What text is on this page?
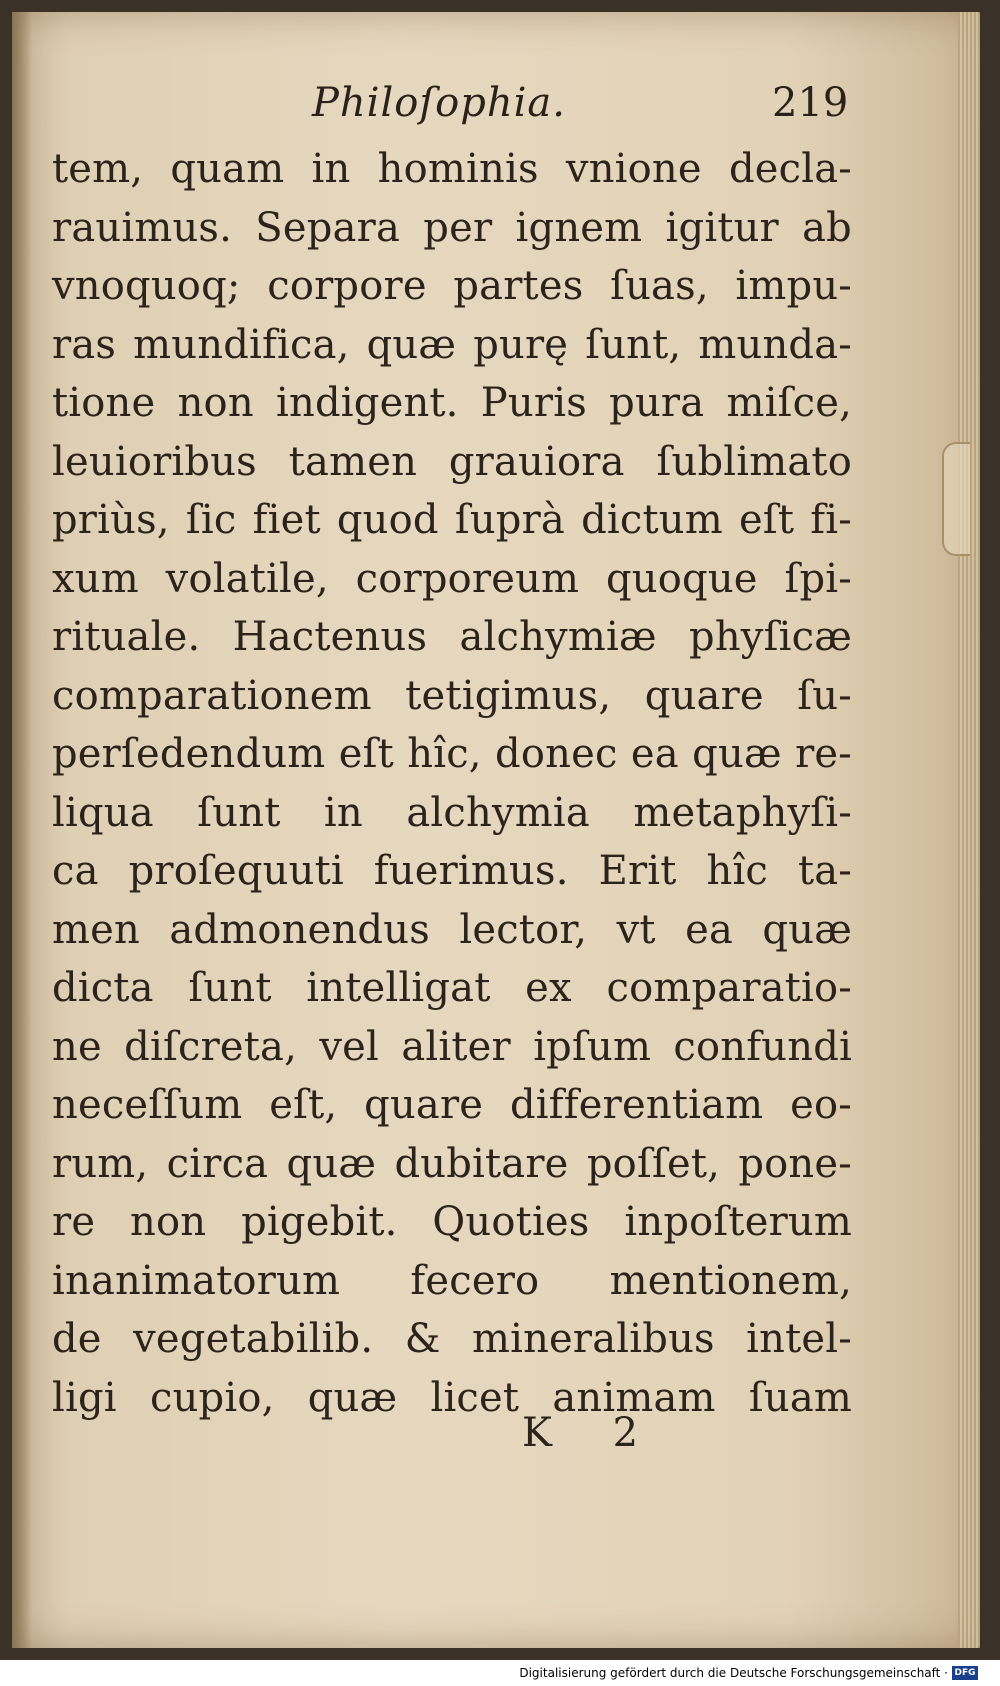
Philoſophia.	219
tem, quam in hominis vnione decla-
rauimus. Separa per ignem igitur ab
vnoquoq; corpore partes ſuas, impu-
ras mundifica, quæ purę ſunt, munda-
tione non indigent. Puris pura miſce,
leuioribus tamen grauiora ſublimato
priùs, ſic fiet quod ſuprà dictum eſt fi-
xum volatile, corporeum quoque ſpi-
rituale. Hactenus alchymiæ phyſicæ
comparationem tetigimus, quare ſu-
perſedendum eſt hîc, donec ea quæ re-
liqua ſunt in alchymia metaphyſi-
ca proſequuti fuerimus. Erit hîc ta-
men admonendus lector, vt ea quæ
dicta ſunt intelligat ex comparatio-
ne diſcreta, vel aliter ipſum confundi
neceſſum eſt, quare differentiam eo-
rum, circa quæ dubitare poſſet, pone-
re non pigebit. Quoties inpoſterum
inanimatorum fecero mentionem,
de vegetabilib. & mineralibus intel-
ligi cupio, quæ licet animam ſuam
K 2
Digitalisierung gefördert durch die Deutsche Forschungsgemeinschaft · DFG
